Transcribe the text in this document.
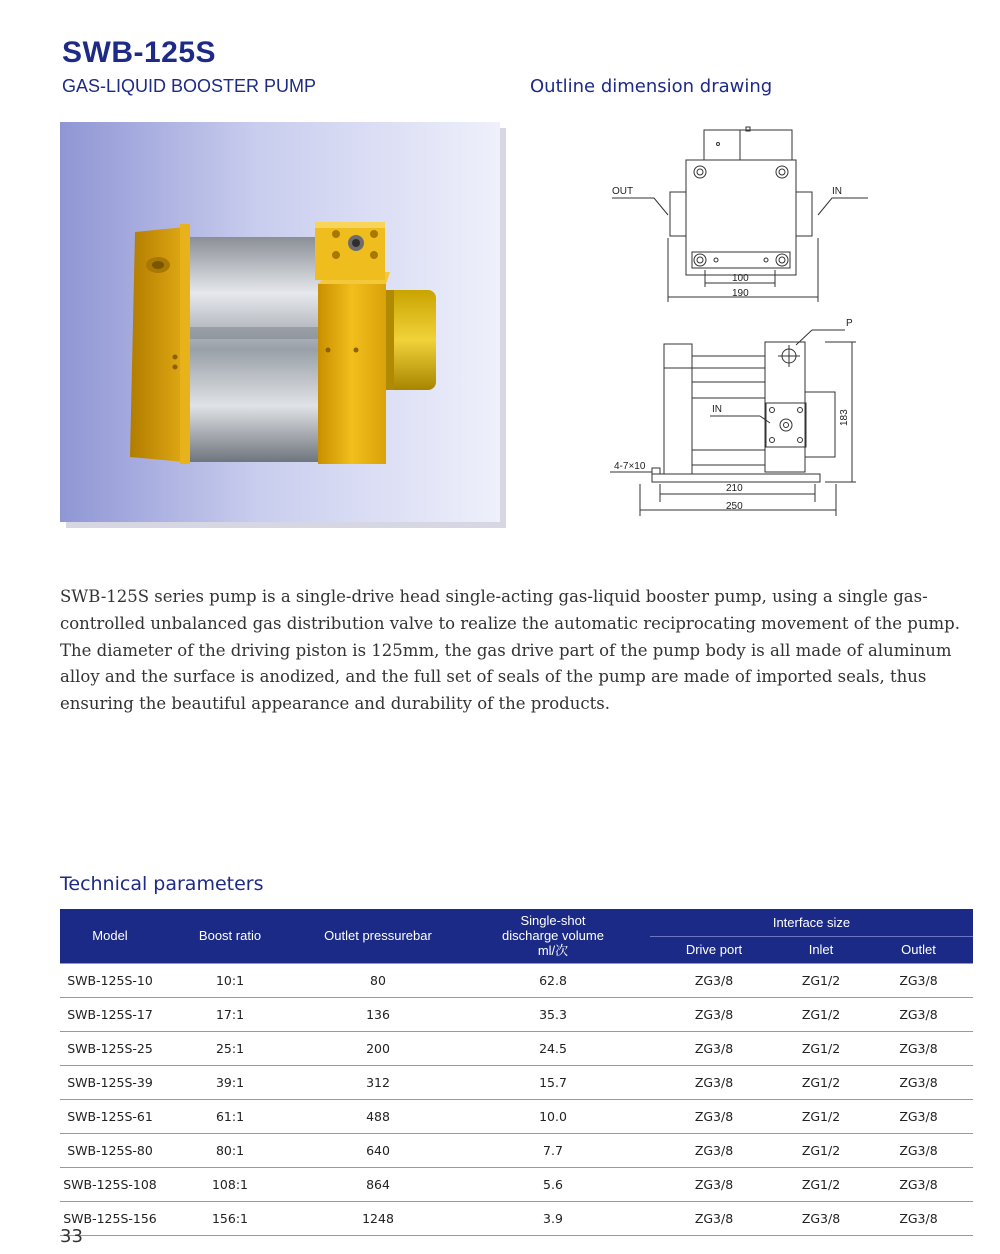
SWB-125S
GAS-LIQUID BOOSTER PUMP	Outline dimension drawing
OUT	IN
100
190
P
IN
4-7×10
210
250
183

SWB-125S series pump is a single-drive head single-acting gas-liquid booster pump, using a single gas-controlled unbalanced gas distribution valve to realize the automatic reciprocating movement of the pump. The diameter of the driving piston is 125mm, the gas drive part of the pump body is all made of aluminum alloy and the surface is anodized, and the full set of seals of the pump are made of imported seals, thus ensuring the beautiful appearance and durability of the products.

Technical parameters
Model	Boost ratio	Outlet pressurebar	Single-shot
discharge volume
ml/次	Interface size		
				Drive port	Inlet	Outlet
SWB-125S-10	10:1	80	62.8	ZG3/8	ZG1/2	ZG3/8
SWB-125S-17	17:1	136	35.3	ZG3/8	ZG1/2	ZG3/8
SWB-125S-25	25:1	200	24.5	ZG3/8	ZG1/2	ZG3/8
SWB-125S-39	39:1	312	15.7	ZG3/8	ZG1/2	ZG3/8
SWB-125S-61	61:1	488	10.0	ZG3/8	ZG1/2	ZG3/8
SWB-125S-80	80:1	640	7.7	ZG3/8	ZG1/2	ZG3/8
SWB-125S-108	108:1	864	5.6	ZG3/8	ZG1/2	ZG3/8
SWB-125S-156	156:1	1248	3.9	ZG3/8	ZG3/8	ZG3/8
33
